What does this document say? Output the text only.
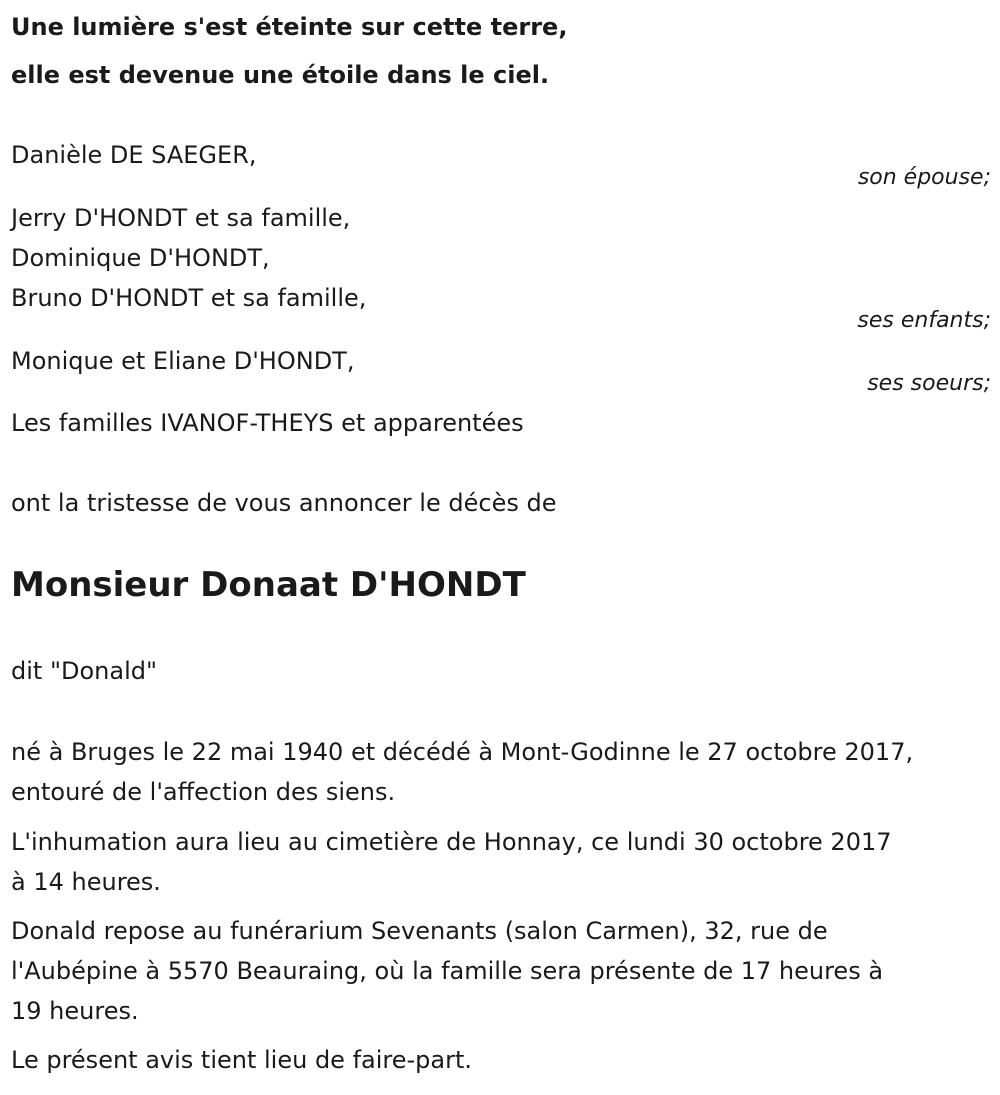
Une lumière s'est éteinte sur cette terre,
elle est devenue une étoile dans le ciel.
Danièle DE SAEGER,
son épouse;
Jerry D'HONDT et sa famille,
Dominique D'HONDT,
Bruno D'HONDT et sa famille,
ses enfants;
Monique et Eliane D'HONDT,
ses soeurs;
Les familles IVANOF-THEYS et apparentées
ont la tristesse de vous annoncer le décès de
Monsieur Donaat D'HONDT
dit "Donald"
né à Bruges le 22 mai 1940 et décédé à Mont-Godinne le 27 octobre 2017,
entouré de l'affection des siens.
L'inhumation aura lieu au cimetière de Honnay, ce lundi 30 octobre 2017
à 14 heures.
Donald repose au funérarium Sevenants (salon Carmen), 32, rue de
l'Aubépine à 5570 Beauraing, où la famille sera présente de 17 heures à
19 heures.
Le présent avis tient lieu de faire-part.
